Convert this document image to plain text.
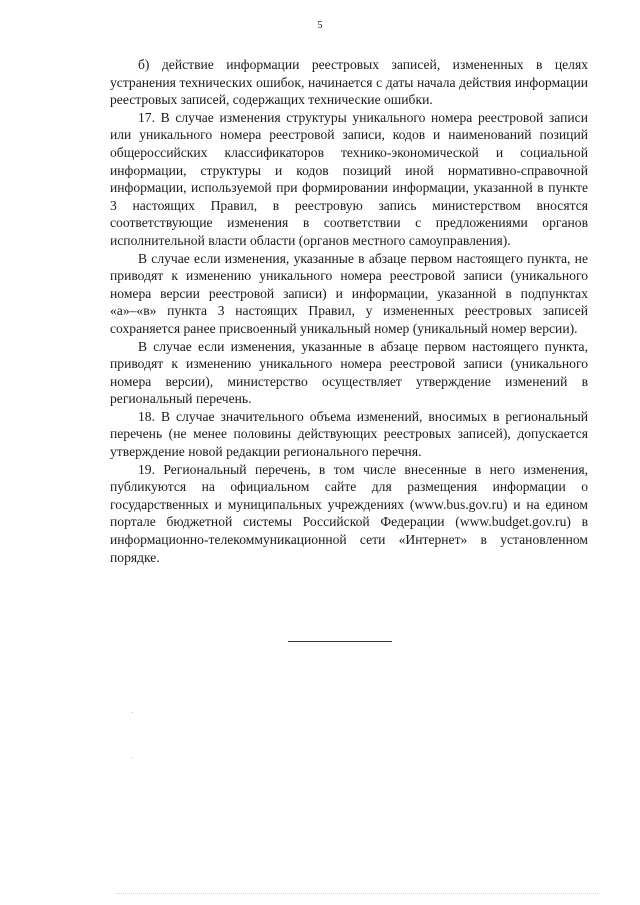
5

б) действие информации реестровых записей, измененных в целях устранения технических ошибок, начинается с даты начала действия информации реестровых записей, содержащих технические ошибки.

17. В случае изменения структуры уникального номера реестровой записи или уникального номера реестровой записи, кодов и наименований позиций общероссийских классификаторов технико-экономической и социальной информации, структуры и кодов позиций иной нормативно-справочной информации, используемой при формировании информации, указанной в пункте 3 настоящих Правил, в реестровую запись министерством вносятся соответствующие изменения в соответствии с предложениями органов исполнительной власти области (органов местного самоуправления).

В случае если изменения, указанные в абзаце первом настоящего пункта, не приводят к изменению уникального номера реестровой записи (уникального номера версии реестровой записи) и информации, указанной в подпунктах «а»–«в» пункта 3 настоящих Правил, у измененных реестровых записей сохраняется ранее присвоенный уникальный номер (уникальный номер версии).

В случае если изменения, указанные в абзаце первом настоящего пункта, приводят к изменению уникального номера реестровой записи (уникального номера версии), министерство осуществляет утверждение изменений в региональный перечень.

18. В случае значительного объема изменений, вносимых в региональный перечень (не менее половины действующих реестровых записей), допускается утверждение новой редакции регионального перечня.

19. Региональный перечень, в том числе внесенные в него изменения, публикуются на официальном сайте для размещения информации о государственных и муниципальных учреждениях (www.bus.gov.ru) и на едином портале бюджетной системы Российской Федерации (www.budget.gov.ru) в информационно-телекоммуникационной сети «Интернет» в установленном порядке.
